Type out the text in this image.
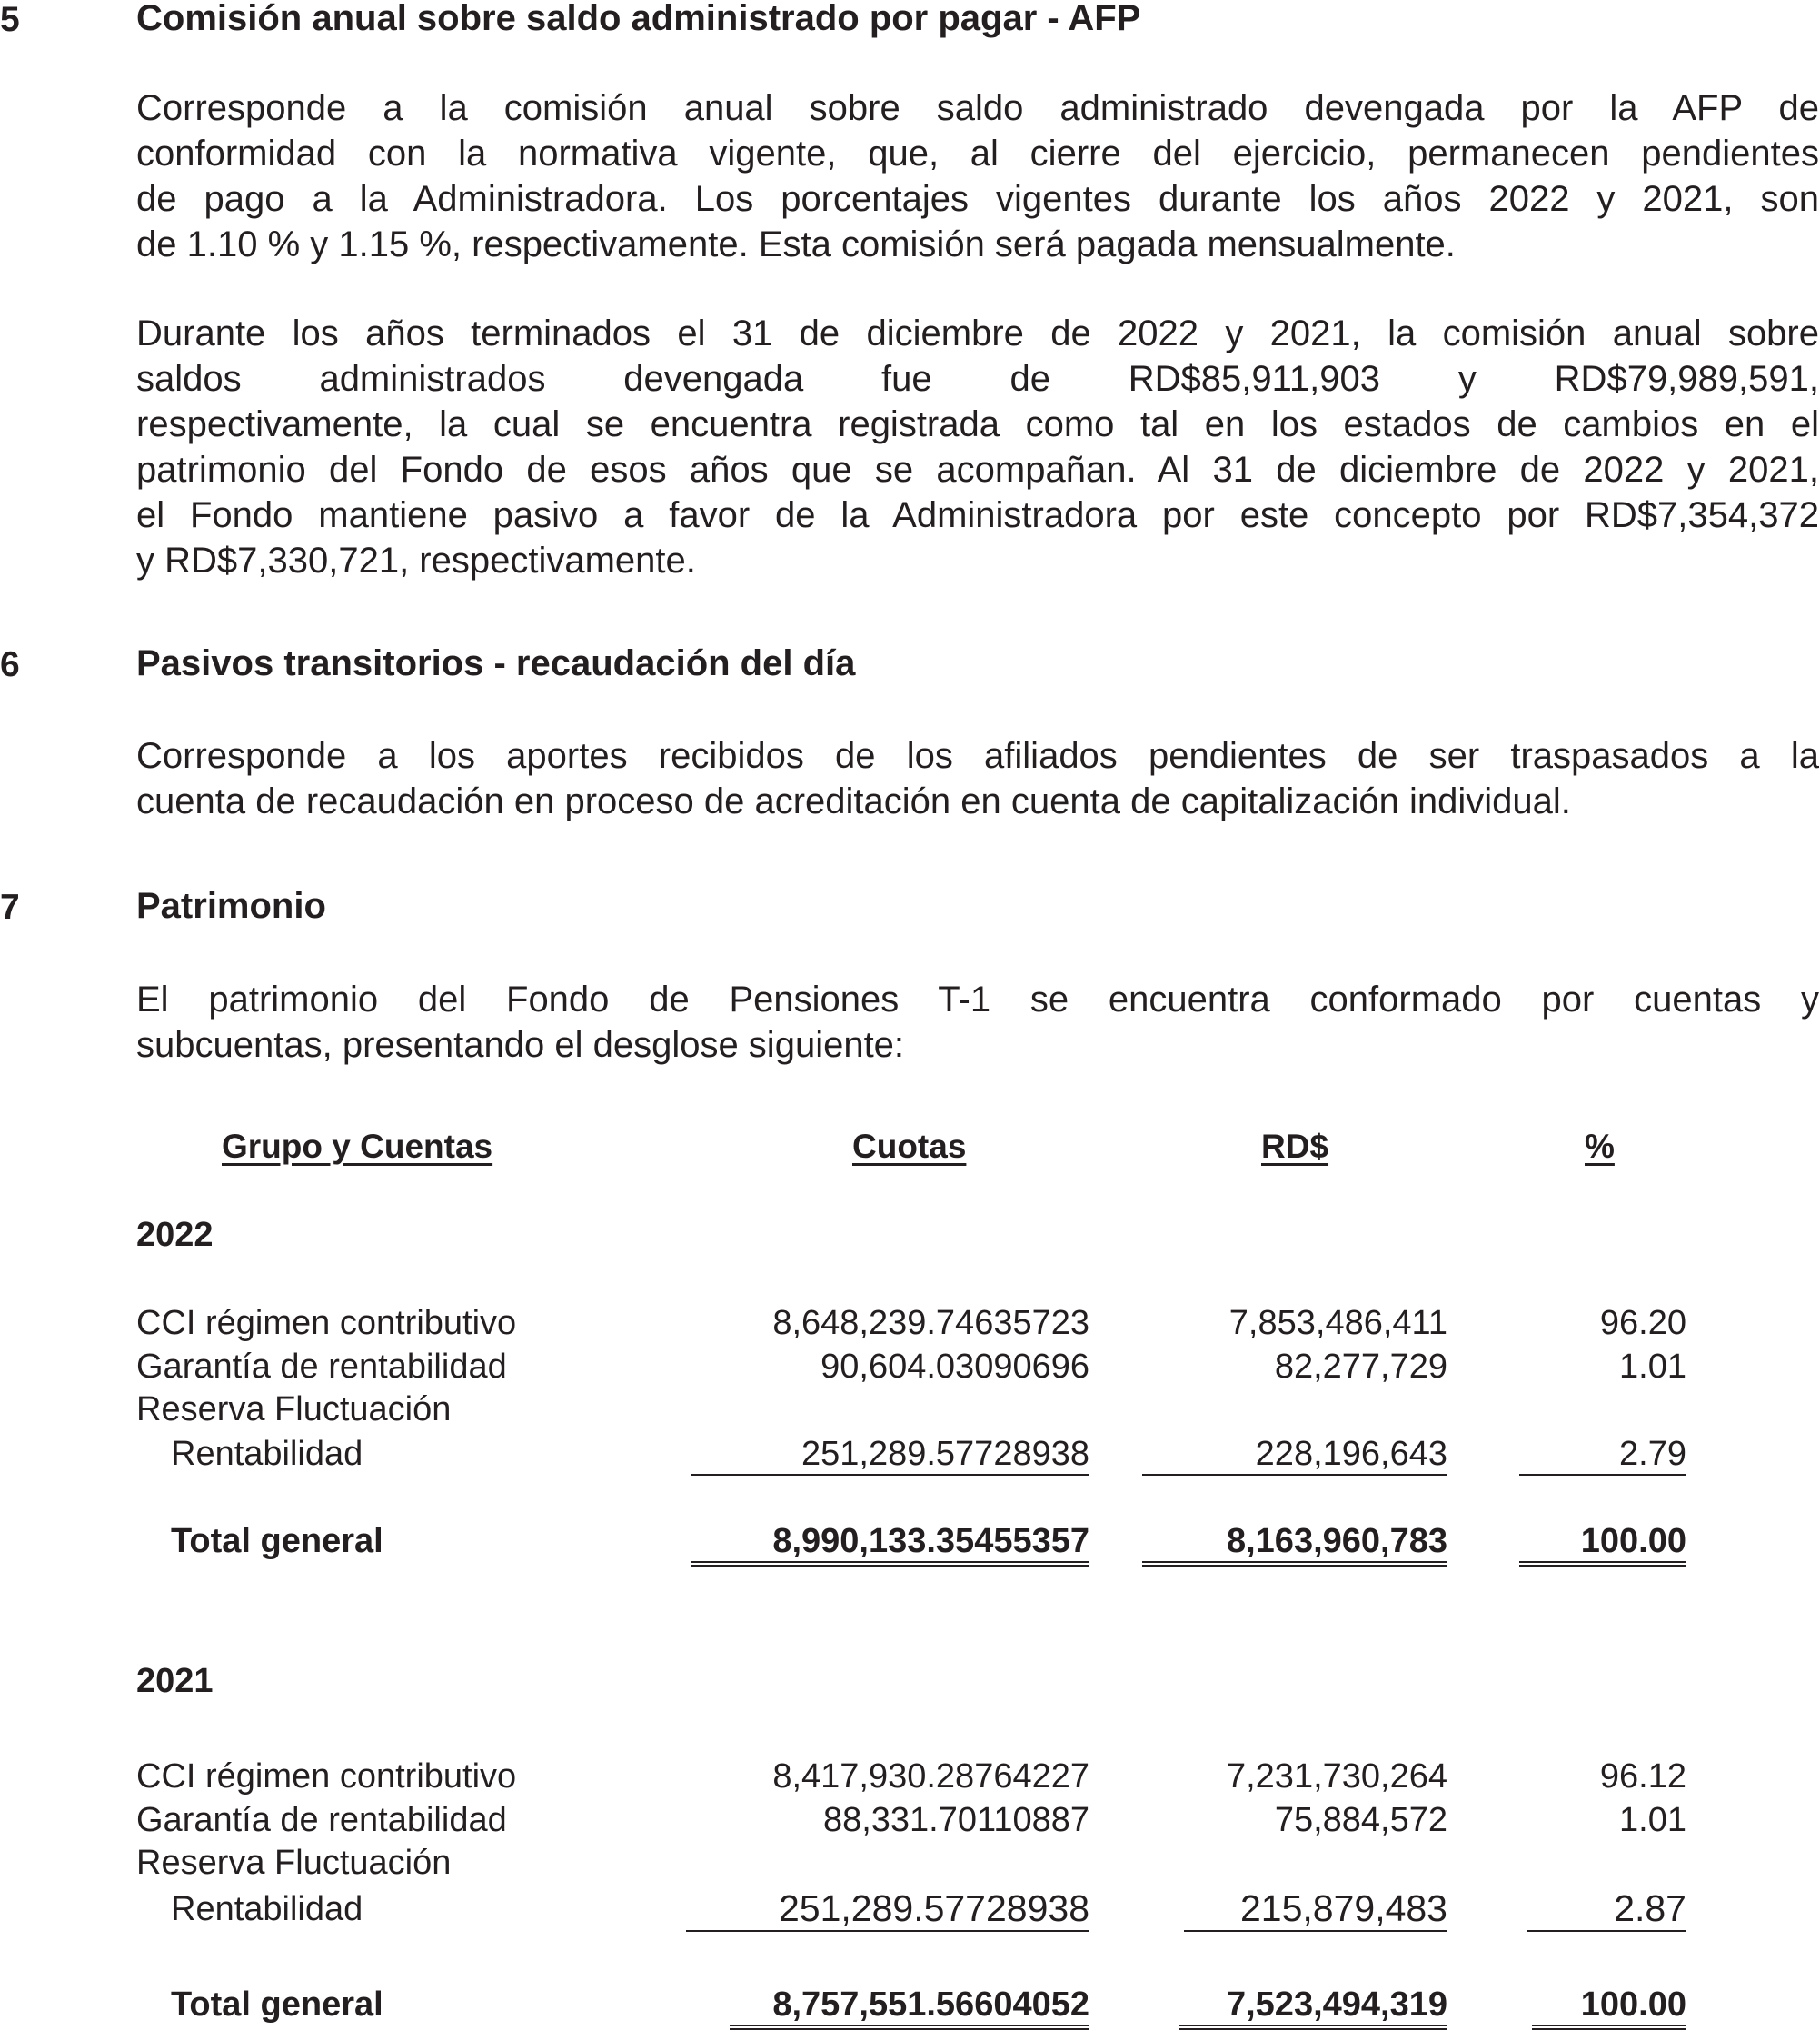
5	Comisión anual sobre saldo administrado por pagar - AFP
Corresponde a la comisión anual sobre saldo administrado devengada por la AFP de
conformidad con la normativa vigente, que, al cierre del ejercicio, permanecen pendientes
de pago a la Administradora. Los porcentajes vigentes durante los años 2022 y 2021, son
de 1.10 % y 1.15 %, respectivamente. Esta comisión será pagada mensualmente.
Durante los años terminados el 31 de diciembre de 2022 y 2021, la comisión anual sobre
saldos administrados devengada fue de RD$85,911,903 y RD$79,989,591,
respectivamente, la cual se encuentra registrada como tal en los estados de cambios en el
patrimonio del Fondo de esos años que se acompañan. Al 31 de diciembre de 2022 y 2021,
el Fondo mantiene pasivo a favor de la Administradora por este concepto por RD$7,354,372
y RD$7,330,721, respectivamente.
6	Pasivos transitorios - recaudación del día
Corresponde a los aportes recibidos de los afiliados pendientes de ser traspasados a la
cuenta de recaudación en proceso de acreditación en cuenta de capitalización individual.
7	Patrimonio
El patrimonio del Fondo de Pensiones T-1 se encuentra conformado por cuentas y
subcuentas, presentando el desglose siguiente:
Grupo y Cuentas	Cuotas	RD$	%
2022
CCI régimen contributivo	8,648,239.74635723	7,853,486,411	96.20
Garantía de rentabilidad	90,604.03090696	82,277,729	1.01
Reserva Fluctuación
Rentabilidad	251,289.57728938	228,196,643	2.79
Total general	8,990,133.35455357	8,163,960,783	100.00
2021
CCI régimen contributivo	8,417,930.28764227	7,231,730,264	96.12
Garantía de rentabilidad	88,331.70110887	75,884,572	1.01
Reserva Fluctuación
Rentabilidad	251,289.57728938	215,879,483	2.87
Total general	8,757,551.56604052	7,523,494,319	100.00
